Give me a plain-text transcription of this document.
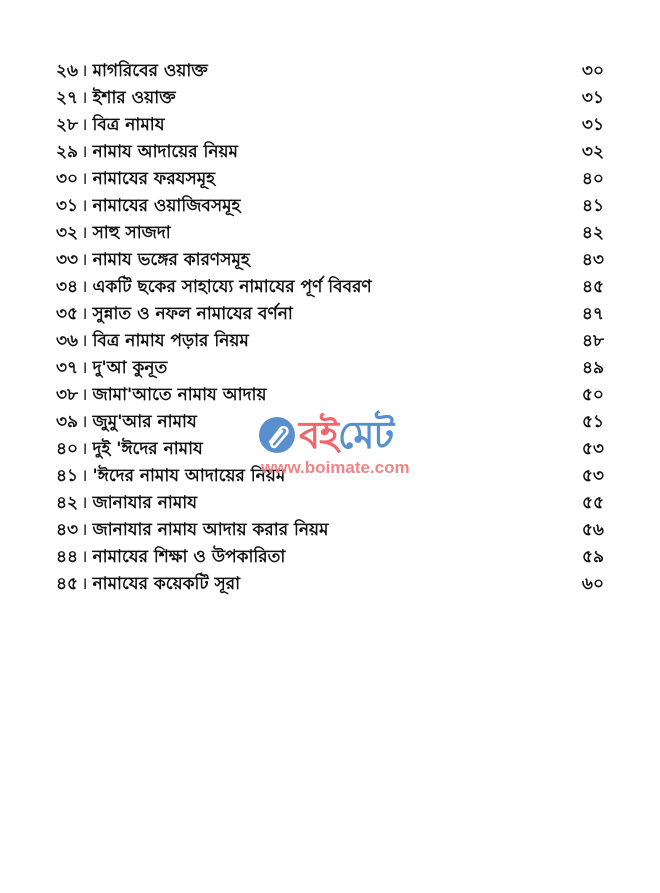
২৬ । মাগরিবের ওয়াক্ত	৩০
২৭ । ইশার ওয়াক্ত	৩১
২৮ । বিত্র নামায	৩১
২৯ । নামায আদায়ের নিয়ম	৩২
৩০ । নামাযের ফরযসমূহ	৪০
৩১ । নামাযের ওয়াজিবসমূহ	৪১
৩২ । সাহু সাজদা	৪২
৩৩ । নামায ভঙ্গের কারণসমূহ	৪৩
৩৪ । একটি ছকের সাহায্যে নামাযের পূর্ণ বিবরণ	৪৫
৩৫ । সুন্নাত ও নফল নামাযের বর্ণনা	৪৭
৩৬ । বিত্র নামায পড়ার নিয়ম	৪৮
৩৭ । দু'আ কুনূত	৪৯
৩৮ । জামা'আতে নামায আদায়	৫০
৩৯ । জুমু'আর নামায	৫১
৪০ । দুই 'ঈদের নামায	৫৩
৪১ । 'ঈদের নামায আদায়ের নিয়ম	৫৩
৪২ । জানাযার নামায	৫৫
৪৩ । জানাযার নামায আদায় করার নিয়ম	৫৬
৪৪ । নামাযের শিক্ষা ও উপকারিতা	৫৯
৪৫ । নামাযের কয়েকটি সূরা	৬০
বই মেট
www.boimate.com
